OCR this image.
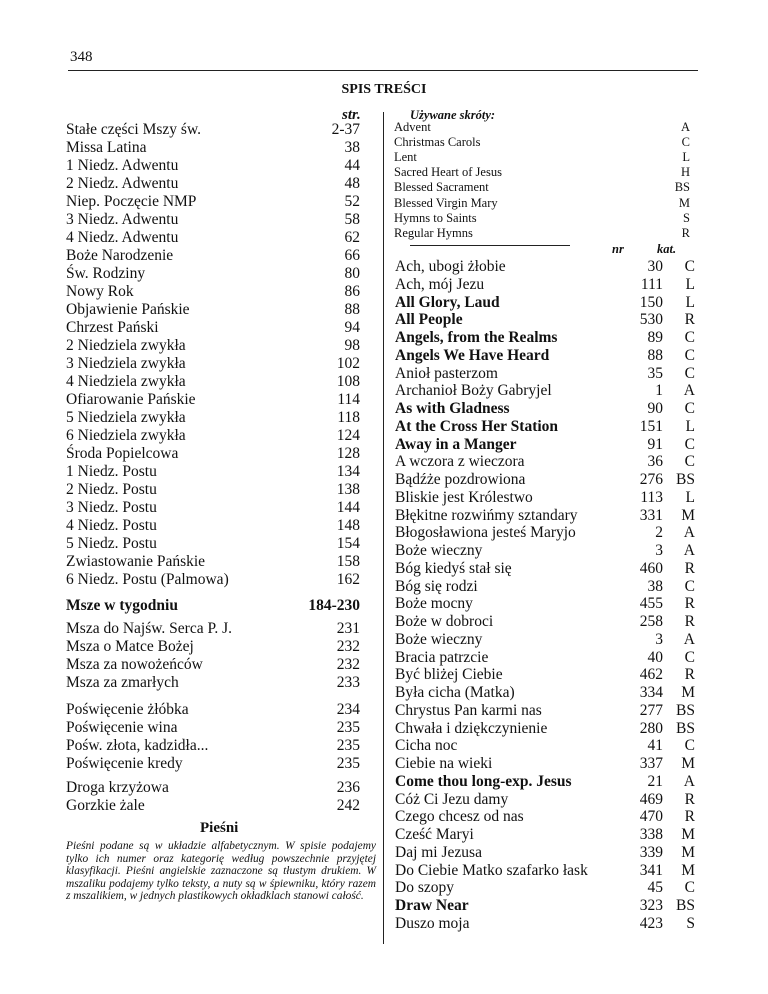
348
SPIS TREŚCI
str.
Stałe części Mszy św.	2-37
Missa Latina	38
1 Niedz. Adwentu	44
2 Niedz. Adwentu	48
Niep. Poczęcie NMP	52
3 Niedz. Adwentu	58
4 Niedz. Adwentu	62
Boże Narodzenie	66
Św. Rodziny	80
Nowy Rok	86
Objawienie Pańskie	88
Chrzest Pański	94
2 Niedziela zwykła	98
3 Niedziela zwykła	102
4 Niedziela zwykła	108
Ofiarowanie Pańskie	114
5 Niedziela zwykła	118
6 Niedziela zwykła	124
Środa Popielcowa	128
1 Niedz. Postu	134
2 Niedz. Postu	138
3 Niedz. Postu	144
4 Niedz. Postu	148
5 Niedz. Postu	154
Zwiastowanie Pańskie	158
6 Niedz. Postu (Palmowa)	162
Msze w tygodniu	184-230
Msza do Najśw. Serca P. J.	231
Msza o Matce Bożej	232
Msza za nowożeńców	232
Msza za zmarłych	233
Poświęcenie żłóbka	234
Poświęcenie wina	235
Pośw. złota, kadzidła...	235
Poświęcenie kredy	235
Droga krzyżowa	236
Gorzkie żale	242
Pieśni
Pieśni podane są w układzie alfabetycznym. W spisie podajemy tylko ich numer oraz kategorię według powszechnie przyjętej klasyfikacji. Pieśni angielskie zaznaczone są tłustym drukiem. W mszaliku podajemy tylko teksty, a nuty są w śpiewniku, który razem z mszalikiem, w jednych plastikowych okładklach stanowi całość.
Używane skróty:
Advent	A
Christmas Carols	C
Lent	L
Sacred Heart of Jesus	H
Blessed Sacrament	BS
Blessed Virgin Mary	M
Hymns to Saints	S
Regular Hymns	R
nr	kat.
Ach, ubogi żłobie	30 C
Ach, mój Jezu	111 L
All Glory, Laud	150 L
All People	530 R
Angels, from the Realms	89 C
Angels We Have Heard	88 C
Anioł pasterzom	35 C
Archanioł Boży Gabryjel	1 A
As with Gladness	90 C
At the Cross Her Station	151 L
Away in a Manger	91 C
A wczora z wieczora	36 C
Bądźże pozdrowiona	276 BS
Bliskie jest Królestwo	113 L
Błękitne rozwińmy sztandary	331 M
Błogosławiona jesteś Maryjo	2 A
Boże wieczny	3 A
Bóg kiedyś stał się	460 R
Bóg się rodzi	38 C
Boże mocny	455 R
Boże w dobroci	258 R
Boże wieczny	3 A
Bracia patrzcie	40 C
Być bliżej Ciebie	462 R
Była cicha (Matka)	334 M
Chrystus Pan karmi nas	277 BS
Chwała i dziękczynienie	280 BS
Cicha noc	41 C
Ciebie na wieki	337 M
Come thou long-exp. Jesus	21 A
Cóż Ci Jezu damy	469 R
Czego chcesz od nas	470 R
Cześć Maryi	338 M
Daj mi Jezusa	339 M
Do Ciebie Matko szafarko łask	341 M
Do szopy	45 C
Draw Near	323 BS
Duszo moja	423 S
